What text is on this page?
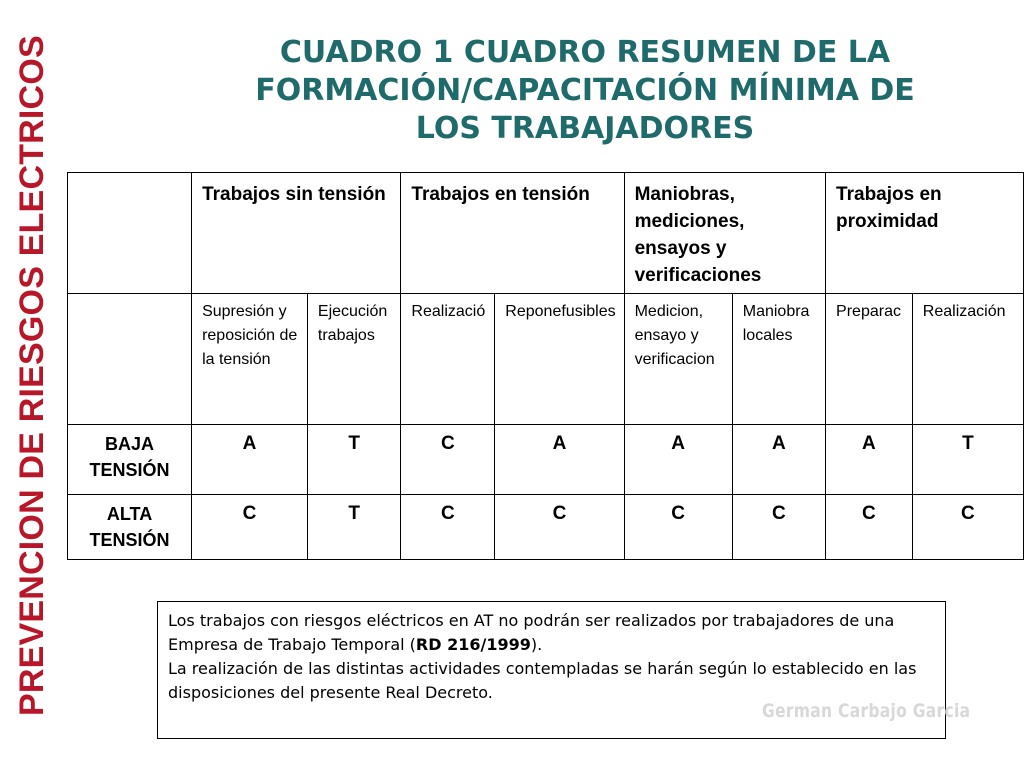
PREVENCION DE RIESGOS ELECTRICOS	CUADRO 1 CUADRO RESUMEN DE LA
FORMACIÓN/CAPACITACIÓN MÍNIMA DE
LOS TRABAJADORES
	Trabajos sin tensión		Trabajos en tensión		Maniobras, mediciones, ensayos y verificaciones		Trabajos en proximidad	
	Supresión y reposición de la tensión	Ejecución trabajos	Realizació	Reponefusibles	Medicion, ensayo y verificacion	Maniobra locales	Preparac	Realización
BAJA TENSIÓN	A	T	C	A	A	A	A	T
ALTA TENSIÓN	C	T	C	C	C	C	C	C

Los trabajos con riesgos eléctricos en AT no podrán ser realizados por trabajadores de una Empresa de Trabajo Temporal (RD 216/1999).

La realización de las distintas actividades contempladas se harán según lo establecido en las disposiciones del presente Real Decreto.

German Carbajo Garcia
